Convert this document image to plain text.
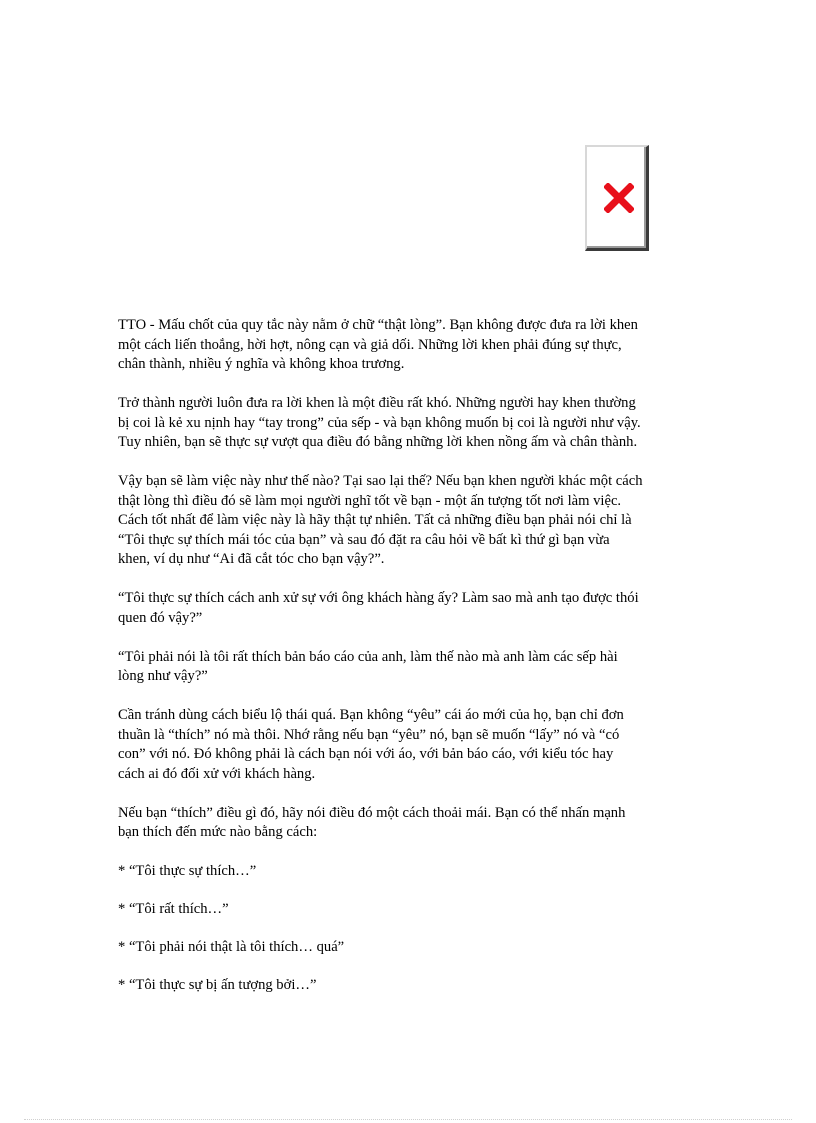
TTO - Mấu chốt của quy tắc này nằm ở chữ “thật lòng”. Bạn không được đưa ra lời khen
một cách liến thoắng, hời hợt, nông cạn và giả dối. Những lời khen phải đúng sự thực,
chân thành, nhiều ý nghĩa và không khoa trương.

Trở thành người luôn đưa ra lời khen là một điều rất khó. Những người hay khen thường
bị coi là kẻ xu nịnh hay “tay trong” của sếp - và bạn không muốn bị coi là người như vậy.
Tuy nhiên, bạn sẽ thực sự vượt qua điều đó bằng những lời khen nồng ấm và chân thành.

Vậy bạn sẽ làm việc này như thế nào? Tại sao lại thế? Nếu bạn khen người khác một cách
thật lòng thì điều đó sẽ làm mọi người nghĩ tốt về bạn - một ấn tượng tốt nơi làm việc.
Cách tốt nhất để làm việc này là hãy thật tự nhiên. Tất cả những điều bạn phải nói chỉ là
“Tôi thực sự thích mái tóc của bạn” và sau đó đặt ra câu hỏi về bất kì thứ gì bạn vừa
khen, ví dụ như “Ai đã cắt tóc cho bạn vậy?”.

“Tôi thực sự thích cách anh xử sự với ông khách hàng ấy? Làm sao mà anh tạo được thói
quen đó vậy?”

“Tôi phải nói là tôi rất thích bản báo cáo của anh, làm thế nào mà anh làm các sếp hài
lòng như vậy?”

Cần tránh dùng cách biểu lộ thái quá. Bạn không “yêu” cái áo mới của họ, bạn chỉ đơn
thuần là “thích” nó mà thôi. Nhớ rằng nếu bạn “yêu” nó, bạn sẽ muốn “lấy” nó và “có
con” với nó. Đó không phải là cách bạn nói với áo, với bản báo cáo, với kiểu tóc hay
cách ai đó đối xử với khách hàng.

Nếu bạn “thích” điều gì đó, hãy nói điều đó một cách thoải mái. Bạn có thể nhấn mạnh
bạn thích đến mức nào bằng cách:

* “Tôi thực sự thích…”

* “Tôi rất thích…”

* “Tôi phải nói thật là tôi thích… quá”

* “Tôi thực sự bị ấn tượng bởi…”
